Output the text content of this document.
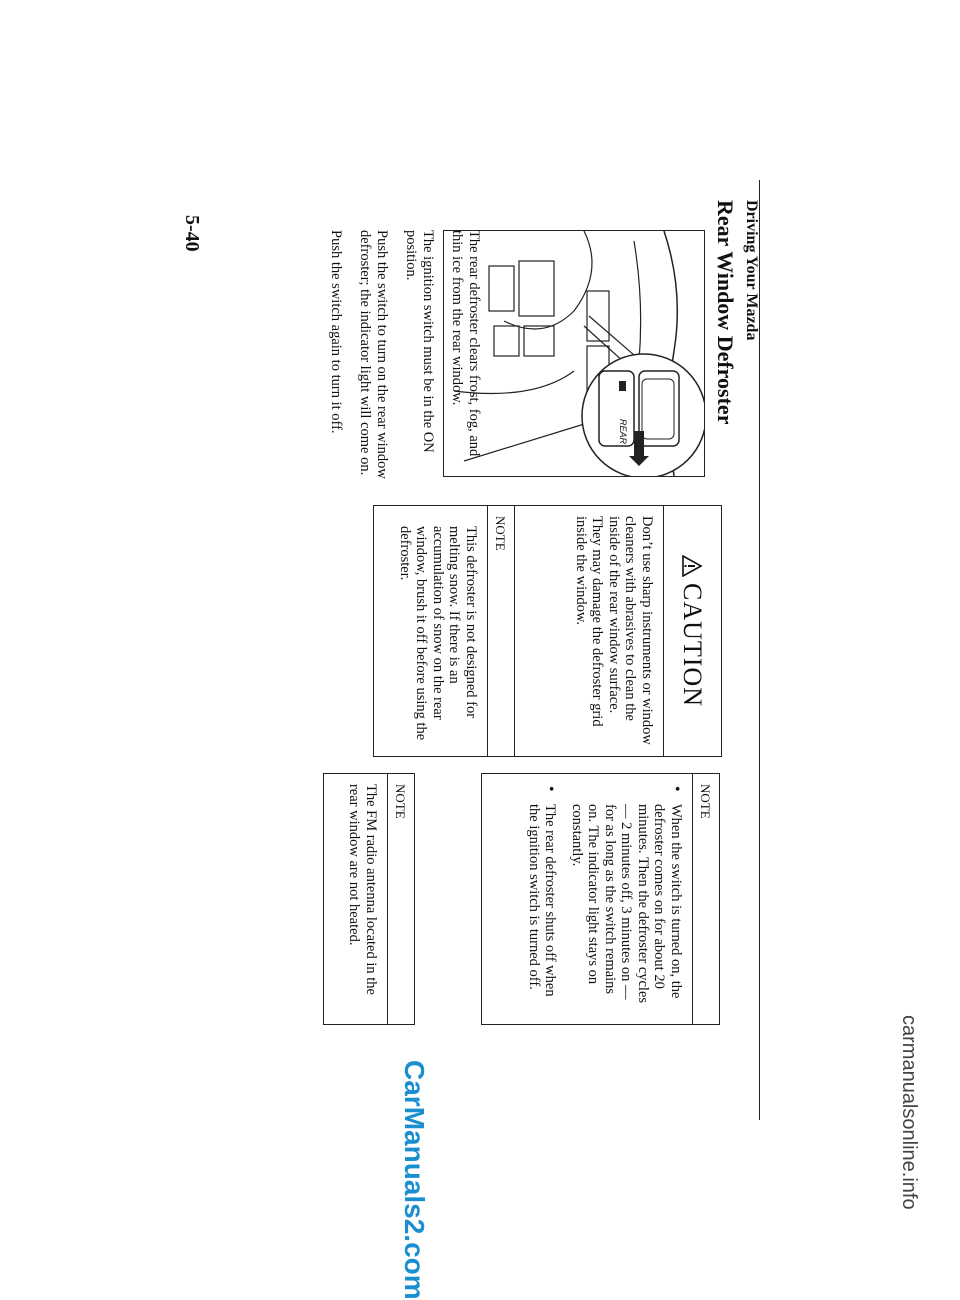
Driving Your Mazda
Rear Window Defroster
5-40
REAR

The rear defroster clears frost, fog, and thin ice from the rear window.

The ignition switch must be in the ON position.

Push the switch to turn on the rear window defroster; the indicator light will come on.

Push the switch again to turn it off.

CAUTION
Don’t use sharp instruments or window cleaners with abrasives to clean the inside of the rear window surface. They may damage the defroster grid inside the window.
NOTE
This defroster is not designed for melting snow. If there is an accumulation of snow on the rear window, brush it off before using the defroster.
NOTE
• When the switch is turned on, the defroster comes on for about 20 minutes. Then the defroster cycles — 2 minutes off, 3 minutes on — for as long as the switch remains on. The indicator light stays on constantly.
• The rear defroster shuts off when the ignition switch is turned off.
NOTE
The FM radio antenna located in the rear window are not heated.
CarManuals2.com	carmanualsonline.info
